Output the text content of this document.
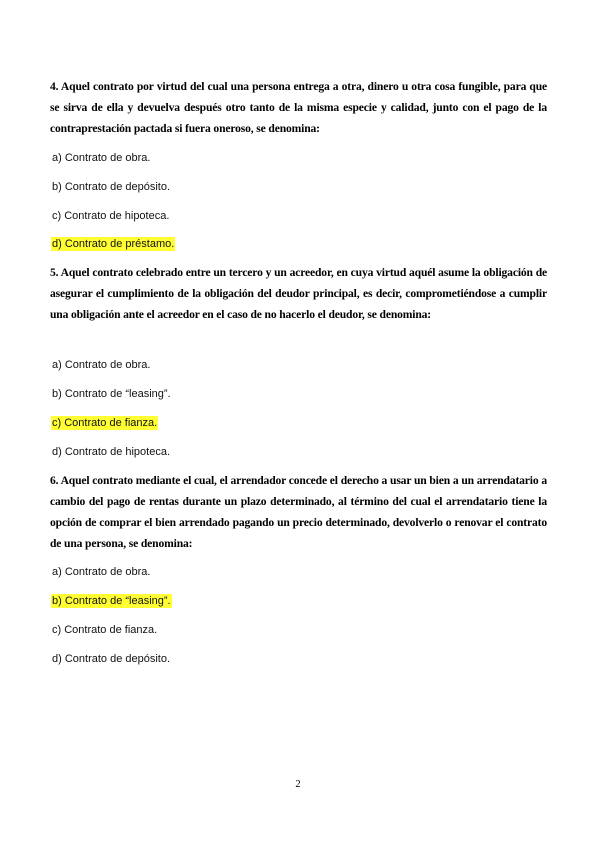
4. Aquel contrato por virtud del cual una persona entrega a otra, dinero u otra cosa fungible, para que se sirva de ella y devuelva después otro tanto de la misma especie y calidad, junto con el pago de la contraprestación pactada si fuera oneroso, se denomina:
a) Contrato de obra.
b) Contrato de depósito.
c) Contrato de hipoteca.
d) Contrato de préstamo.
5. Aquel contrato celebrado entre un tercero y un acreedor, en cuya virtud aquél asume la obligación de asegurar el cumplimiento de la obligación del deudor principal, es decir, comprometiéndose a cumplir una obligación ante el acreedor en el caso de no hacerlo el deudor, se denomina:
a) Contrato de obra.
b) Contrato de “leasing”.
c) Contrato de fianza.
d) Contrato de hipoteca.
6. Aquel contrato mediante el cual, el arrendador concede el derecho a usar un bien a un arrendatario a cambio del pago de rentas durante un plazo determinado, al término del cual el arrendatario tiene la opción de comprar el bien arrendado pagando un precio determinado, devolverlo o renovar el contrato de una persona, se denomina:
a) Contrato de obra.
b) Contrato de “leasing”.
c) Contrato de fianza.
d) Contrato de depósito.
2
